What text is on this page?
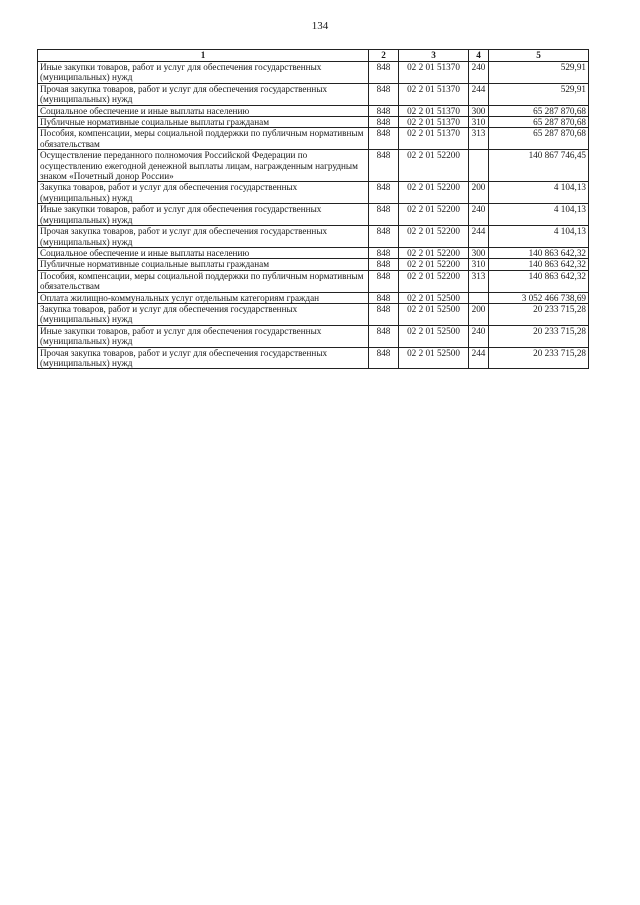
134
1	2	3	4	5
Иные закупки товаров, работ и услуг для обеспечения государственных (муниципальных) нужд	848	02 2 01 51370	240	529,91
Прочая закупка товаров, работ и услуг для обеспечения государственных (муниципальных) нужд	848	02 2 01 51370	244	529,91
Социальное обеспечение и иные выплаты населению	848	02 2 01 51370	300	65 287 870,68
Публичные нормативные социальные выплаты гражданам	848	02 2 01 51370	310	65 287 870,68
Пособия, компенсации, меры социальной поддержки по публичным нормативным обязательствам	848	02 2 01 51370	313	65 287 870,68
Осуществление переданного полномочия Российской Федерации по осуществлению ежегодной денежной выплаты лицам, награжденным нагрудным знаком «Почетный донор России»	848	02 2 01 52200		140 867 746,45
Закупка товаров, работ и услуг для обеспечения государственных (муниципальных) нужд	848	02 2 01 52200	200	4 104,13
Иные закупки товаров, работ и услуг для обеспечения государственных (муниципальных) нужд	848	02 2 01 52200	240	4 104,13
Прочая закупка товаров, работ и услуг для обеспечения государственных (муниципальных) нужд	848	02 2 01 52200	244	4 104,13
Социальное обеспечение и иные выплаты населению	848	02 2 01 52200	300	140 863 642,32
Публичные нормативные социальные выплаты гражданам	848	02 2 01 52200	310	140 863 642,32
Пособия, компенсации, меры социальной поддержки по публичным нормативным обязательствам	848	02 2 01 52200	313	140 863 642,32
Оплата жилищно-коммунальных услуг отдельным категориям граждан	848	02 2 01 52500		3 052 466 738,69
Закупка товаров, работ и услуг для обеспечения государственных (муниципальных) нужд	848	02 2 01 52500	200	20 233 715,28
Иные закупки товаров, работ и услуг для обеспечения государственных (муниципальных) нужд	848	02 2 01 52500	240	20 233 715,28
Прочая закупка товаров, работ и услуг для обеспечения государственных (муниципальных) нужд	848	02 2 01 52500	244	20 233 715,28
